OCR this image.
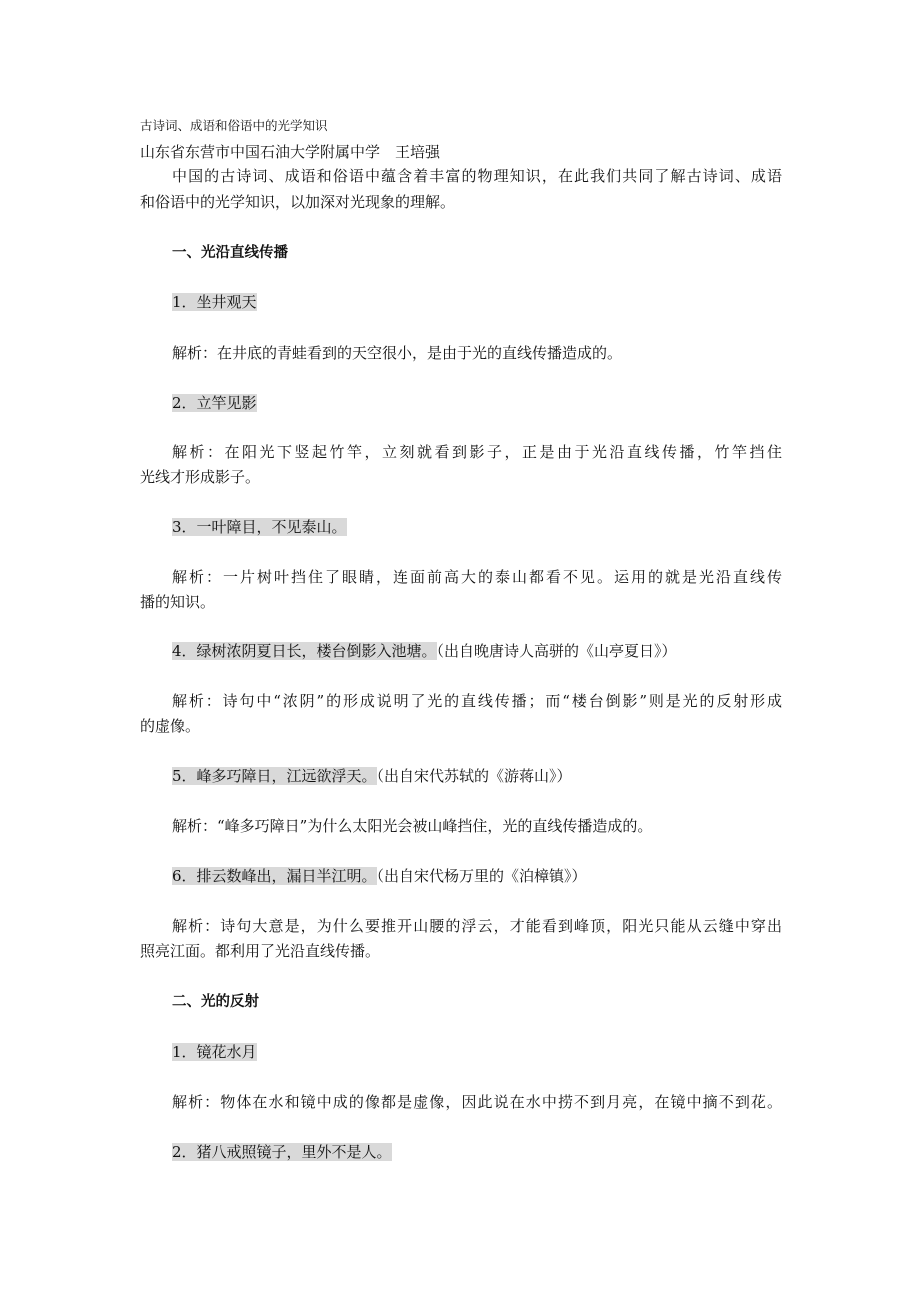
古诗词、成语和俗语中的光学知识
山东省东营市中国石油大学附属中学　王培强
中国的古诗词、成语和俗语中蕴含着丰富的物理知识，在此我们共同了解古诗词、成语
和俗语中的光学知识，以加深对光现象的理解。
一、光沿直线传播
1．坐井观天
解析：在井底的青蛙看到的天空很小，是由于光的直线传播造成的。
2．立竿见影
解析：在阳光下竖起竹竿，立刻就看到影子，正是由于光沿直线传播，竹竿挡住
光线才形成影子。
3．一叶障目，不见泰山。
解析：一片树叶挡住了眼睛，连面前高大的泰山都看不见。运用的就是光沿直线传
播的知识。
4．绿树浓阴夏日长，楼台倒影入池塘。（出自晚唐诗人高骈的《山亭夏日》）
解析：诗句中“浓阴”的形成说明了光的直线传播；而“楼台倒影”则是光的反射形成
的虚像。
5．峰多巧障日，江远欲浮天。（出自宋代苏轼的《游蒋山》）
解析：“峰多巧障日”为什么太阳光会被山峰挡住，光的直线传播造成的。
6．排云数峰出，漏日半江明。（出自宋代杨万里的《泊樟镇》）
解析：诗句大意是，为什么要推开山腰的浮云，才能看到峰顶，阳光只能从云缝中穿出
照亮江面。都利用了光沿直线传播。
二、光的反射
1．镜花水月
解析：物体在水和镜中成的像都是虚像，因此说在水中捞不到月亮，在镜中摘不到花。
2．猪八戒照镜子，里外不是人。
